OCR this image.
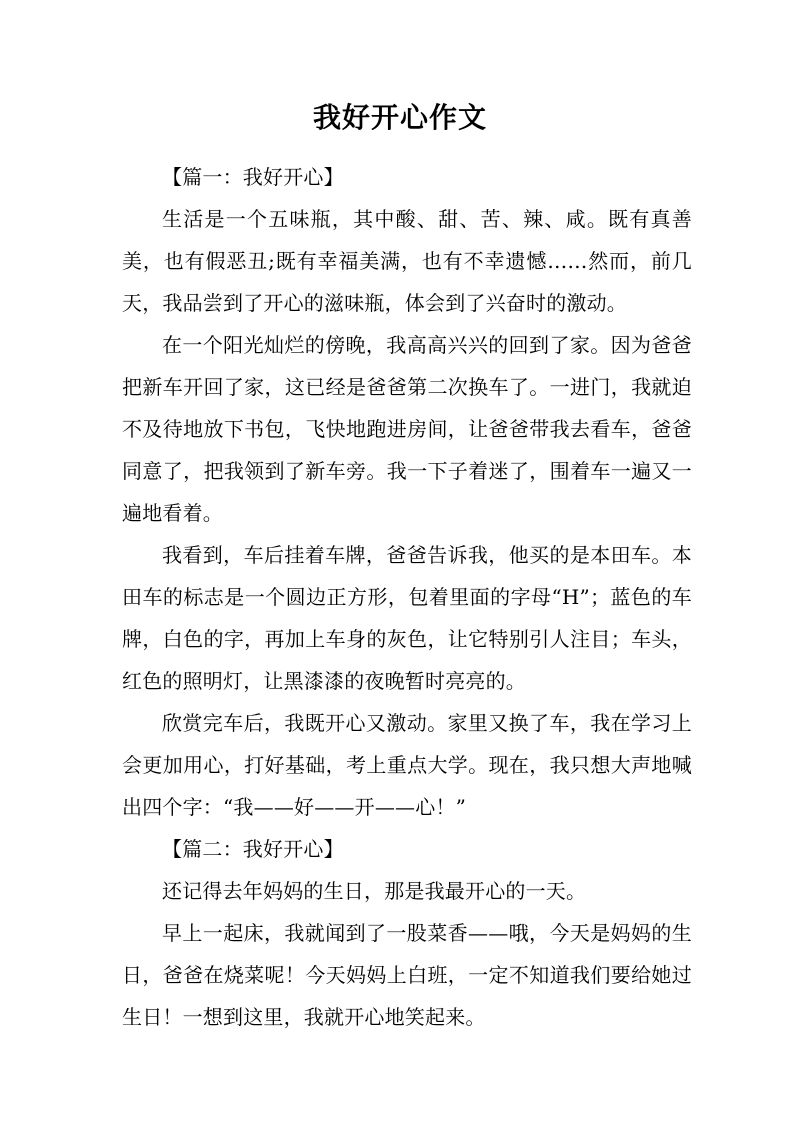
我好开心作文

【篇一：我好开心】

生活是一个五味瓶，其中酸、甜、苦、辣、咸。既有真善美，也有假恶丑;既有幸福美满，也有不幸遗憾……然而，前几天，我品尝到了开心的滋味瓶，体会到了兴奋时的激动。

在一个阳光灿烂的傍晚，我高高兴兴的回到了家。因为爸爸把新车开回了家，这已经是爸爸第二次换车了。一进门，我就迫不及待地放下书包，飞快地跑进房间，让爸爸带我去看车，爸爸同意了，把我领到了新车旁。我一下子着迷了，围着车一遍又一遍地看着。

我看到，车后挂着车牌，爸爸告诉我，他买的是本田车。本田车的标志是一个圆边正方形，包着里面的字母“H”；蓝色的车牌，白色的字，再加上车身的灰色，让它特别引人注目；车头，红色的照明灯，让黑漆漆的夜晚暂时亮亮的。

欣赏完车后，我既开心又激动。家里又换了车，我在学习上会更加用心，打好基础，考上重点大学。现在，我只想大声地喊出四个字：“我——好——开——心！”

【篇二：我好开心】

还记得去年妈妈的生日，那是我最开心的一天。

早上一起床，我就闻到了一股菜香——哦，今天是妈妈的生日，爸爸在烧菜呢！今天妈妈上白班，一定不知道我们要给她过生日！一想到这里，我就开心地笑起来。
